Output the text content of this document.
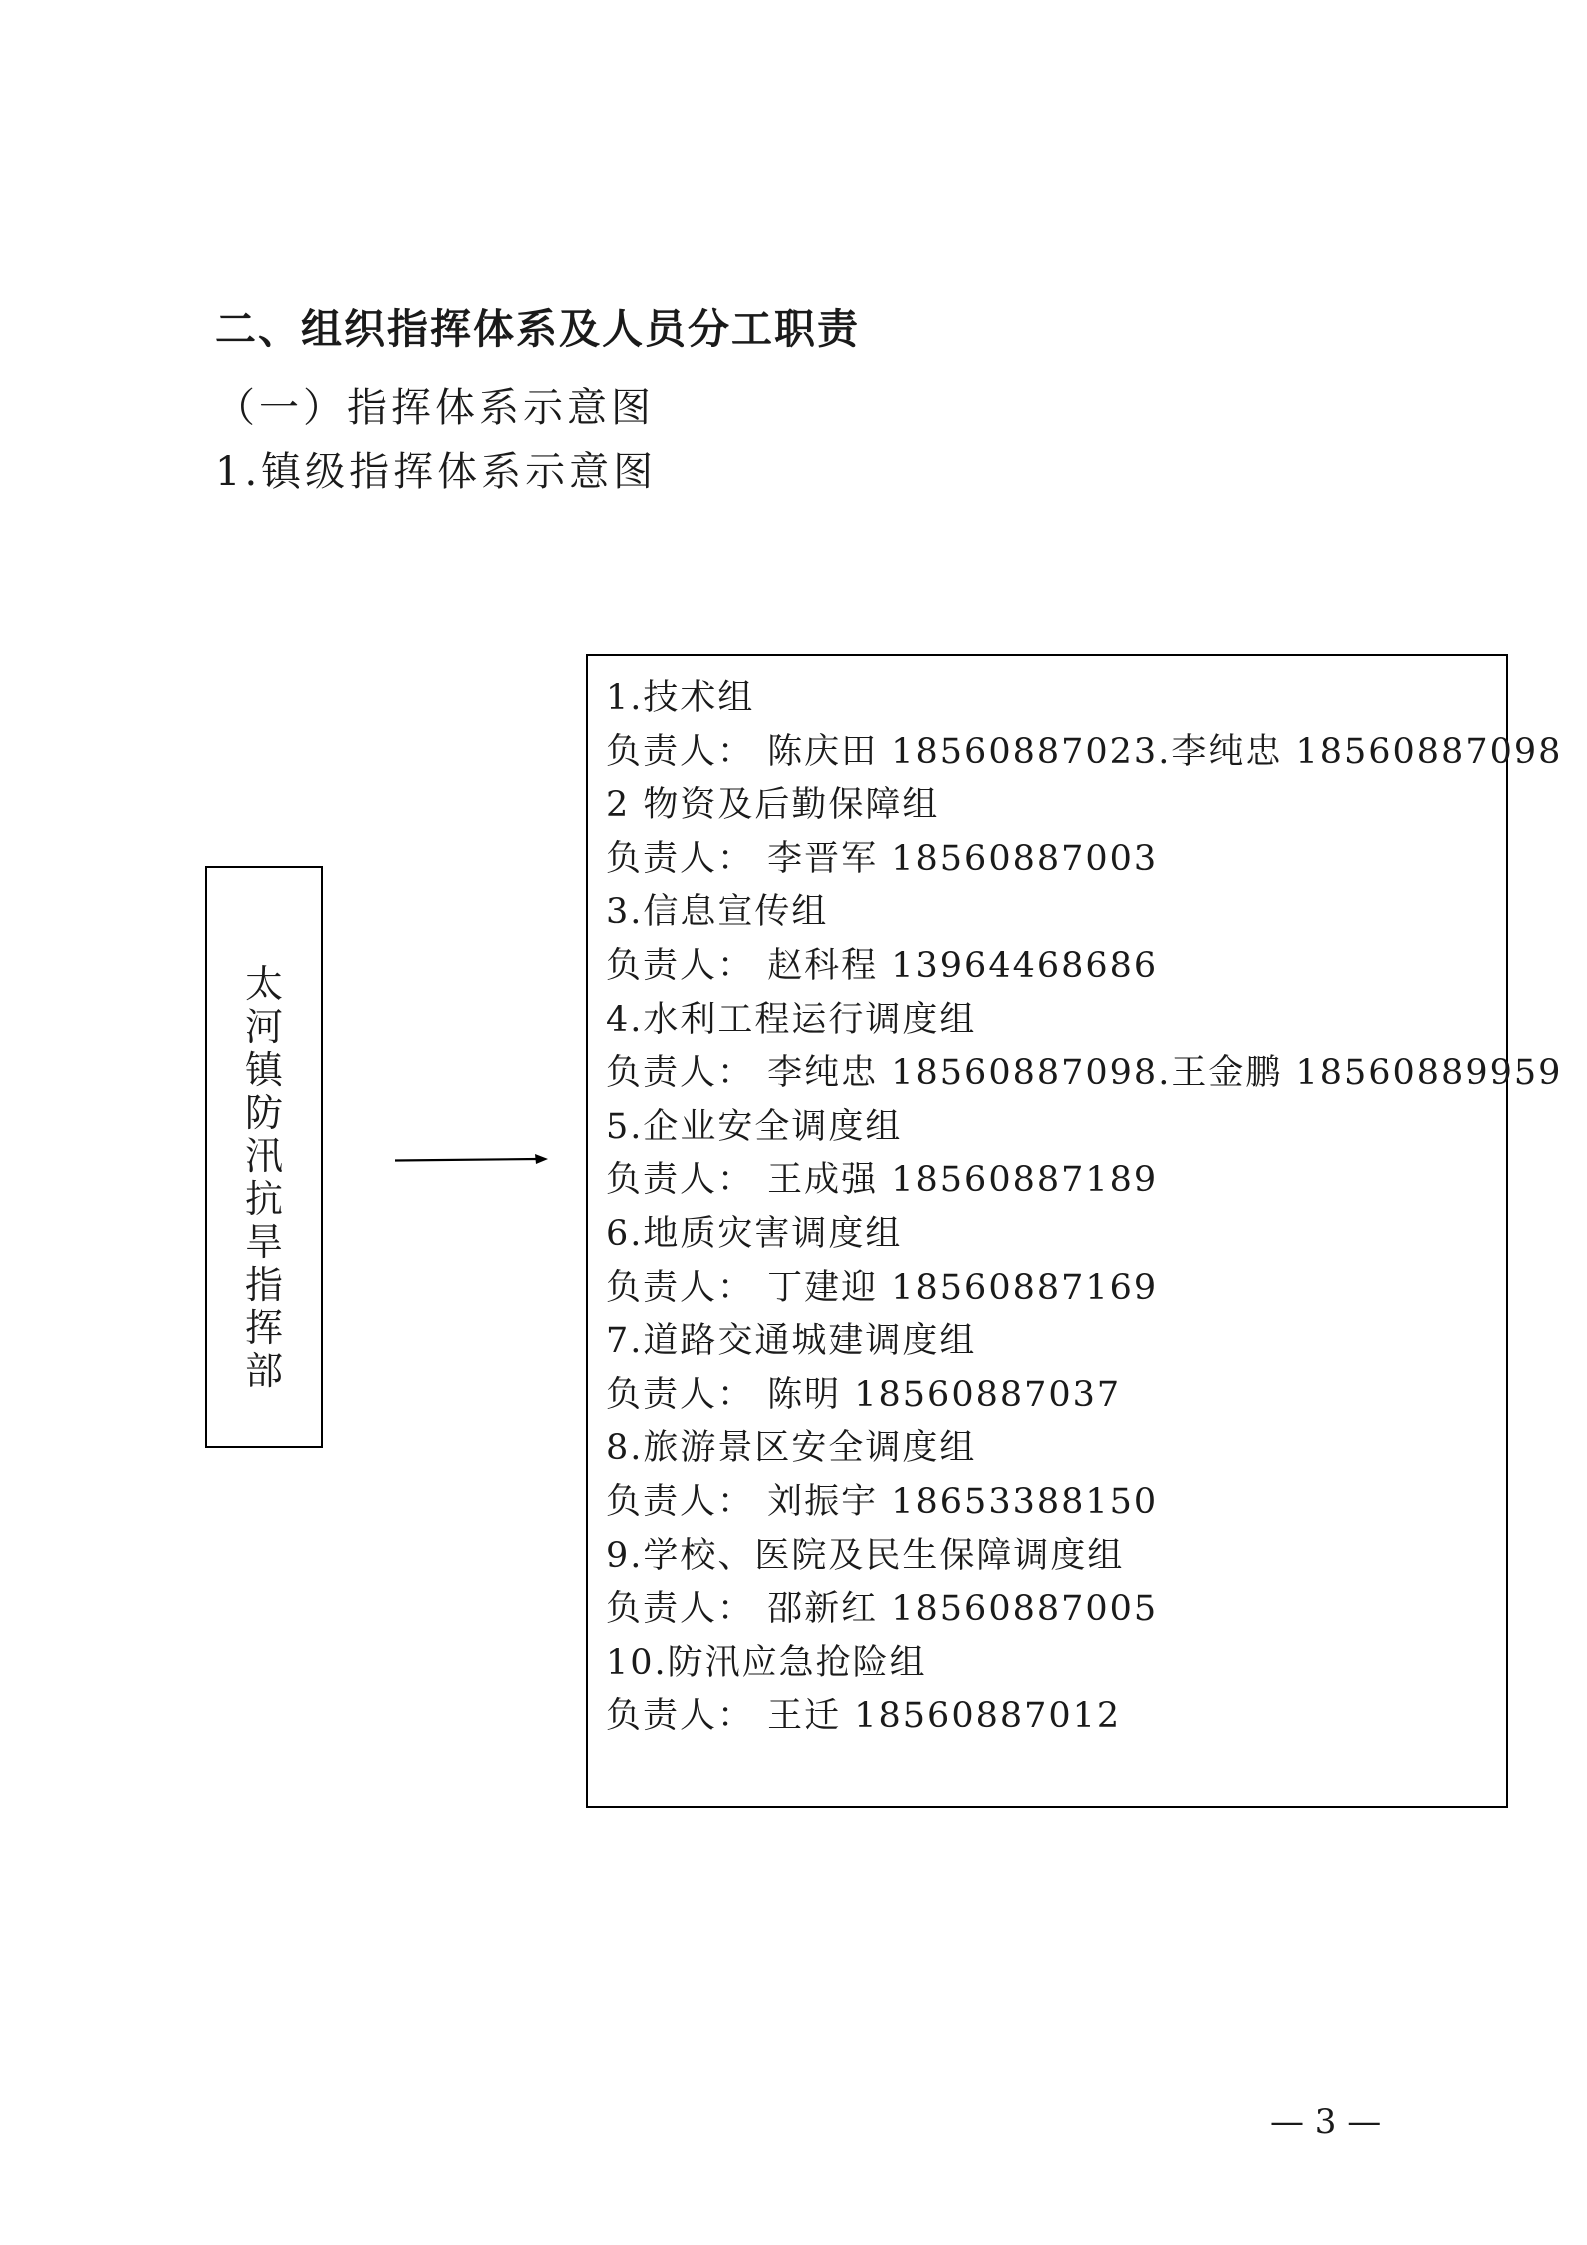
二、组织指挥体系及人员分工职责
（一）指挥体系示意图
1.镇级指挥体系示意图
太
河
镇
防
汛
抗
旱
指
挥
部
1.技术组
负责人： 陈庆田 18560887023.李纯忠 18560887098
2 物资及后勤保障组
负责人： 李晋军 18560887003
3.信息宣传组
负责人： 赵科程 13964468686
4.水利工程运行调度组
负责人： 李纯忠 18560887098.王金鹏 18560889959
5.企业安全调度组
负责人： 王成强 18560887189
6.地质灾害调度组
负责人： 丁建迎 18560887169
7.道路交通城建调度组
负责人： 陈明 18560887037
8.旅游景区安全调度组
负责人： 刘振宇 18653388150
9.学校、医院及民生保障调度组
负责人： 邵新红 18560887005
10.防汛应急抢险组
负责人： 王迁 18560887012
— 3 —
